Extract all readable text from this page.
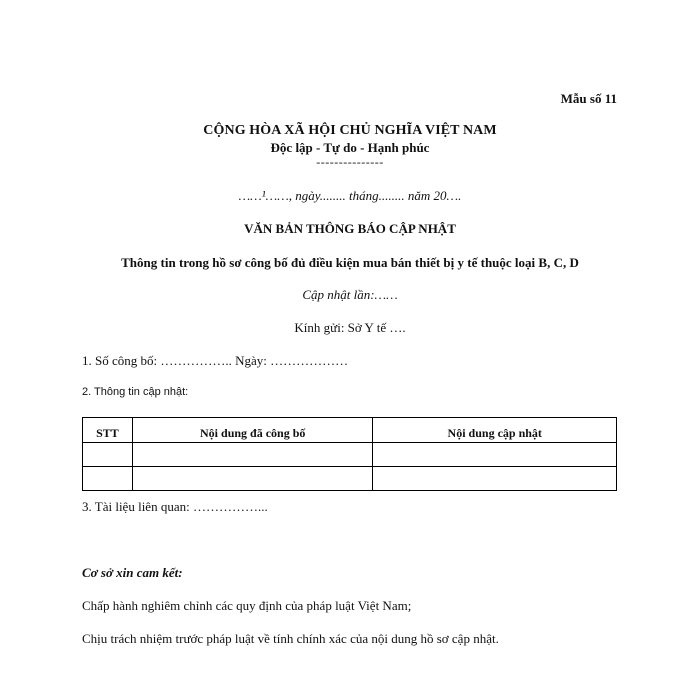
Mẫu số 11
CỘNG HÒA XÃ HỘI CHỦ NGHĨA VIỆT NAM
Độc lập - Tự do - Hạnh phúc
---------------
……¹……, ngày........ tháng........ năm 20….
VĂN BẢN THÔNG BÁO CẬP NHẬT
Thông tin trong hồ sơ công bố đủ điều kiện mua bán thiết bị y tế thuộc loại B, C, D
Cập nhật lần:……
Kính gửi: Sở Y tế ….
1. Số công bố: …………….. Ngày: ………………
2. Thông tin cập nhật:
STT	Nội dung đã công bố	Nội dung cập nhật

3. Tài liệu liên quan: ……………...
Cơ sở xin cam kết:
Chấp hành nghiêm chỉnh các quy định của pháp luật Việt Nam;
Chịu trách nhiệm trước pháp luật về tính chính xác của nội dung hồ sơ cập nhật.
